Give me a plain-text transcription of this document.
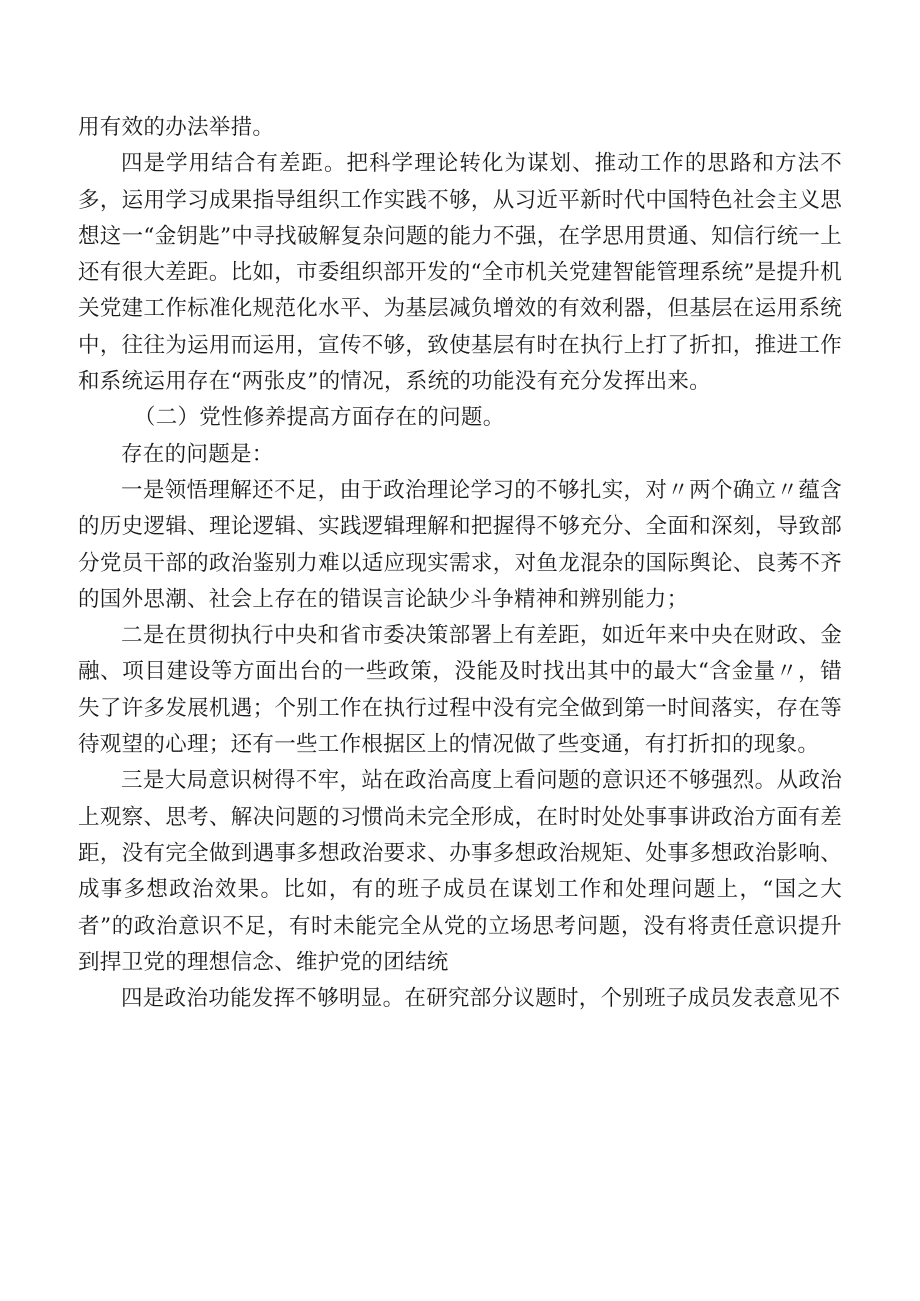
用有效的办法举措。

四是学用结合有差距。把科学理论转化为谋划、推动工作的思路和方法不多，运用学习成果指导组织工作实践不够，从习近平新时代中国特色社会主义思想这一“金钥匙”中寻找破解复杂问题的能力不强，在学思用贯通、知信行统一上还有很大差距。比如，市委组织部开发的“全市机关党建智能管理系统”是提升机关党建工作标准化规范化水平、为基层减负增效的有效利器，但基层在运用系统中，往往为运用而运用，宣传不够，致使基层有时在执行上打了折扣，推进工作和系统运用存在“两张皮”的情况，系统的功能没有充分发挥出来。

（二）党性修养提高方面存在的问题。

存在的问题是：

一是领悟理解还不足，由于政治理论学习的不够扎实，对〃两个确立〃蕴含的历史逻辑、理论逻辑、实践逻辑理解和把握得不够充分、全面和深刻，导致部分党员干部的政治鉴别力难以适应现实需求，对鱼龙混杂的国际舆论、良莠不齐的国外思潮、社会上存在的错误言论缺少斗争精神和辨别能力；

二是在贯彻执行中央和省市委决策部署上有差距，如近年来中央在财政、金融、项目建设等方面出台的一些政策，没能及时找出其中的最大“含金量〃，错失了许多发展机遇；个别工作在执行过程中没有完全做到第一时间落实，存在等待观望的心理；还有一些工作根据区上的情况做了些变通，有打折扣的现象。

三是大局意识树得不牢，站在政治高度上看问题的意识还不够强烈。从政治上观察、思考、解决问题的习惯尚未完全形成，在时时处处事事讲政治方面有差距，没有完全做到遇事多想政治要求、办事多想政治规矩、处事多想政治影响、成事多想政治效果。比如，有的班子成员在谋划工作和处理问题上，“国之大者”的政治意识不足，有时未能完全从党的立场思考问题，没有将责任意识提升到捍卫党的理想信念、维护党的团结统

四是政治功能发挥不够明显。在研究部分议题时，个别班子成员发表意见不
